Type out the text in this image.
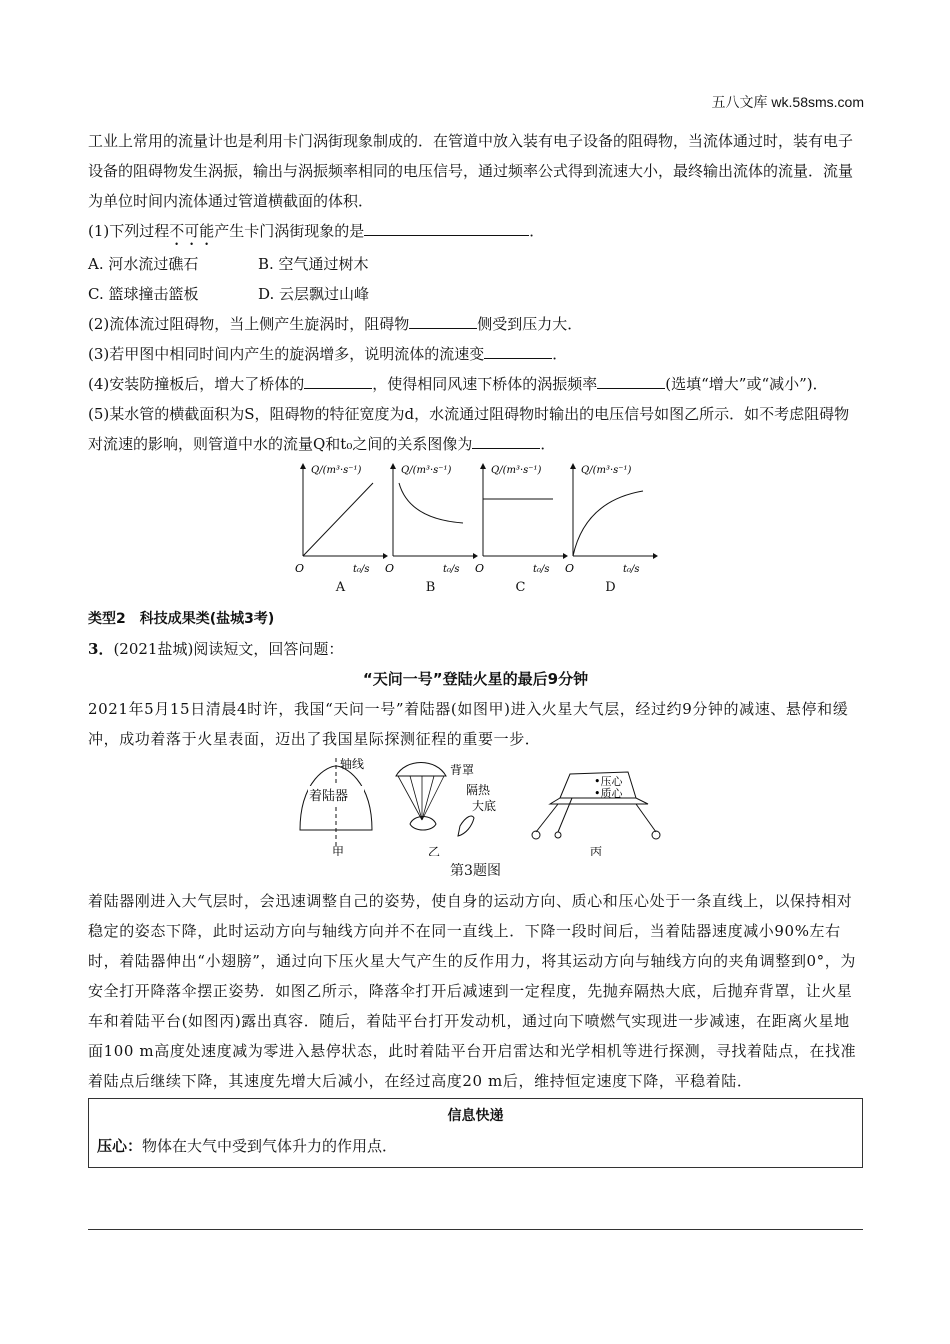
五八文库 wk.58sms.com

工业上常用的流量计也是利用卡门涡街现象制成的．在管道中放入装有电子设备的阻碍物，当流体通过时，装有电子设备的阻碍物发生涡振，输出与涡振频率相同的电压信号，通过频率公式得到流速大小，最终输出流体的流量．流量为单位时间内流体通过管道横截面的体积．

(1)下列过程不可能产生卡门涡街现象的是	．

A. 河水流过礁石	B. 空气通过树木
C. 篮球撞击篮板	D. 云层飘过山峰

(2)流体流过阻碍物，当上侧产生旋涡时，阻碍物	侧受到压力大．

(3)若甲图中相同时间内产生的旋涡增多，说明流体的流速变	．

(4)安装防撞板后，增大了桥体的	，使得相同风速下桥体的涡振频率	(选填“增大”或“减小”)．

(5)某水管的横截面积为S，阻碍物的特征宽度为d，水流通过阻碍物时输出的电压信号如图乙所示．如不考虑阻碍物对流速的影响，则管道中水的流量Q和t₀之间的关系图像为	．

Q/(m³·s⁻¹)
O	t₀/s
A
Q/(m³·s⁻¹)
O	t₀/s
B
Q/(m³·s⁻¹)
O	t₀/s
C
Q/(m³·s⁻¹)
O	t₀/s
D
类型2　科技成果类(盐城3考)

3．(2021盐城)阅读短文，回答问题：

“天问一号”登陆火星的最后9分钟

2021年5月15日清晨4时许，我国“天问一号”着陆器(如图甲)进入火星大气层，经过约9分钟的减速、悬停和缓冲，成功着落于火星表面，迈出了我国星际探测征程的重要一步．

轴线
着陆器
甲
背罩
隔热
大底
乙
•压心
•质心
丙
第3题图

着陆器刚进入大气层时，会迅速调整自己的姿势，使自身的运动方向、质心和压心处于一条直线上，以保持相对稳定的姿态下降，此时运动方向与轴线方向并不在同一直线上．下降一段时间后，当着陆器速度减小90%左右时，着陆器伸出“小翅膀”，通过向下压火星大气产生的反作用力，将其运动方向与轴线方向的夹角调整到0°，为安全打开降落伞摆正姿势．如图乙所示，降落伞打开后减速到一定程度，先抛弃隔热大底，后抛弃背罩，让火星车和着陆平台(如图丙)露出真容．随后，着陆平台打开发动机，通过向下喷燃气实现进一步减速，在距离火星地面100 m高度处速度减为零进入悬停状态，此时着陆平台开启雷达和光学相机等进行探测，寻找着陆点，在找准着陆点后继续下降，其速度先增大后减小，在经过高度20 m后，维持恒定速度下降，平稳着陆．

信息快递
压心：物体在大气中受到气体升力的作用点．
